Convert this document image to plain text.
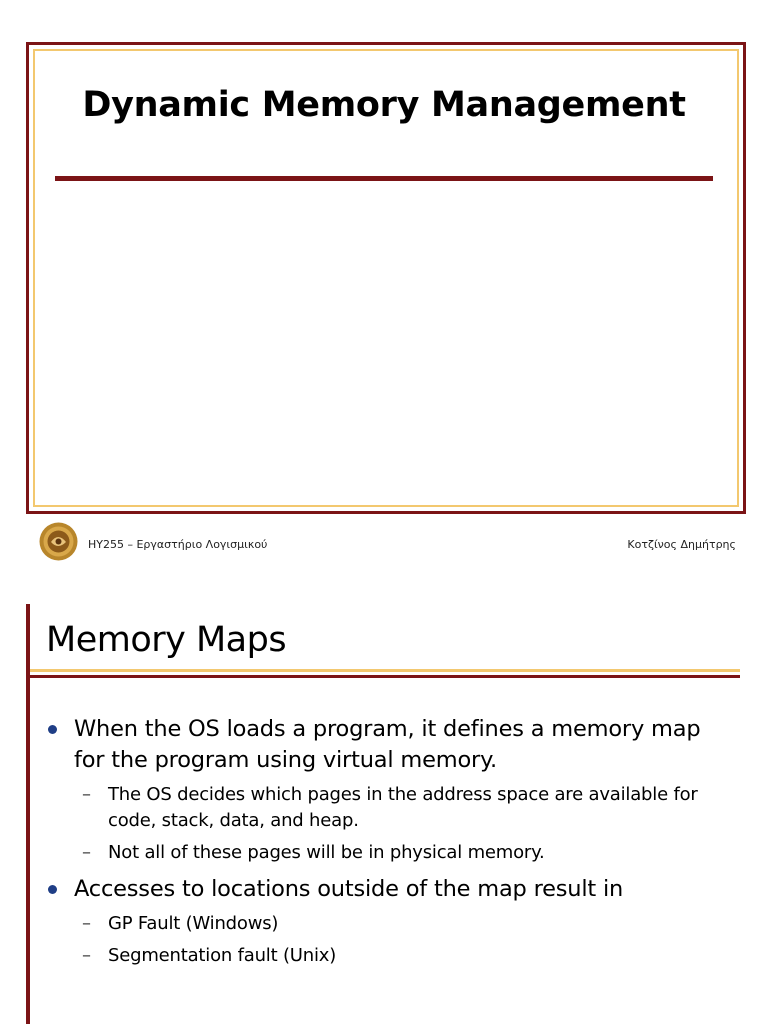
Dynamic Memory Management
HY255 – Εργαστήριο Λογισμικού	Κοτζίνος Δημήτρης
Memory Maps
When the OS loads a program, it defines a memory map for the program using virtual memory.
– The OS decides which pages in the address space are available for code, stack, data, and heap.
– Not all of these pages will be in physical memory.
Accesses to locations outside of the map result in
– GP Fault (Windows)
– Segmentation fault (Unix)
